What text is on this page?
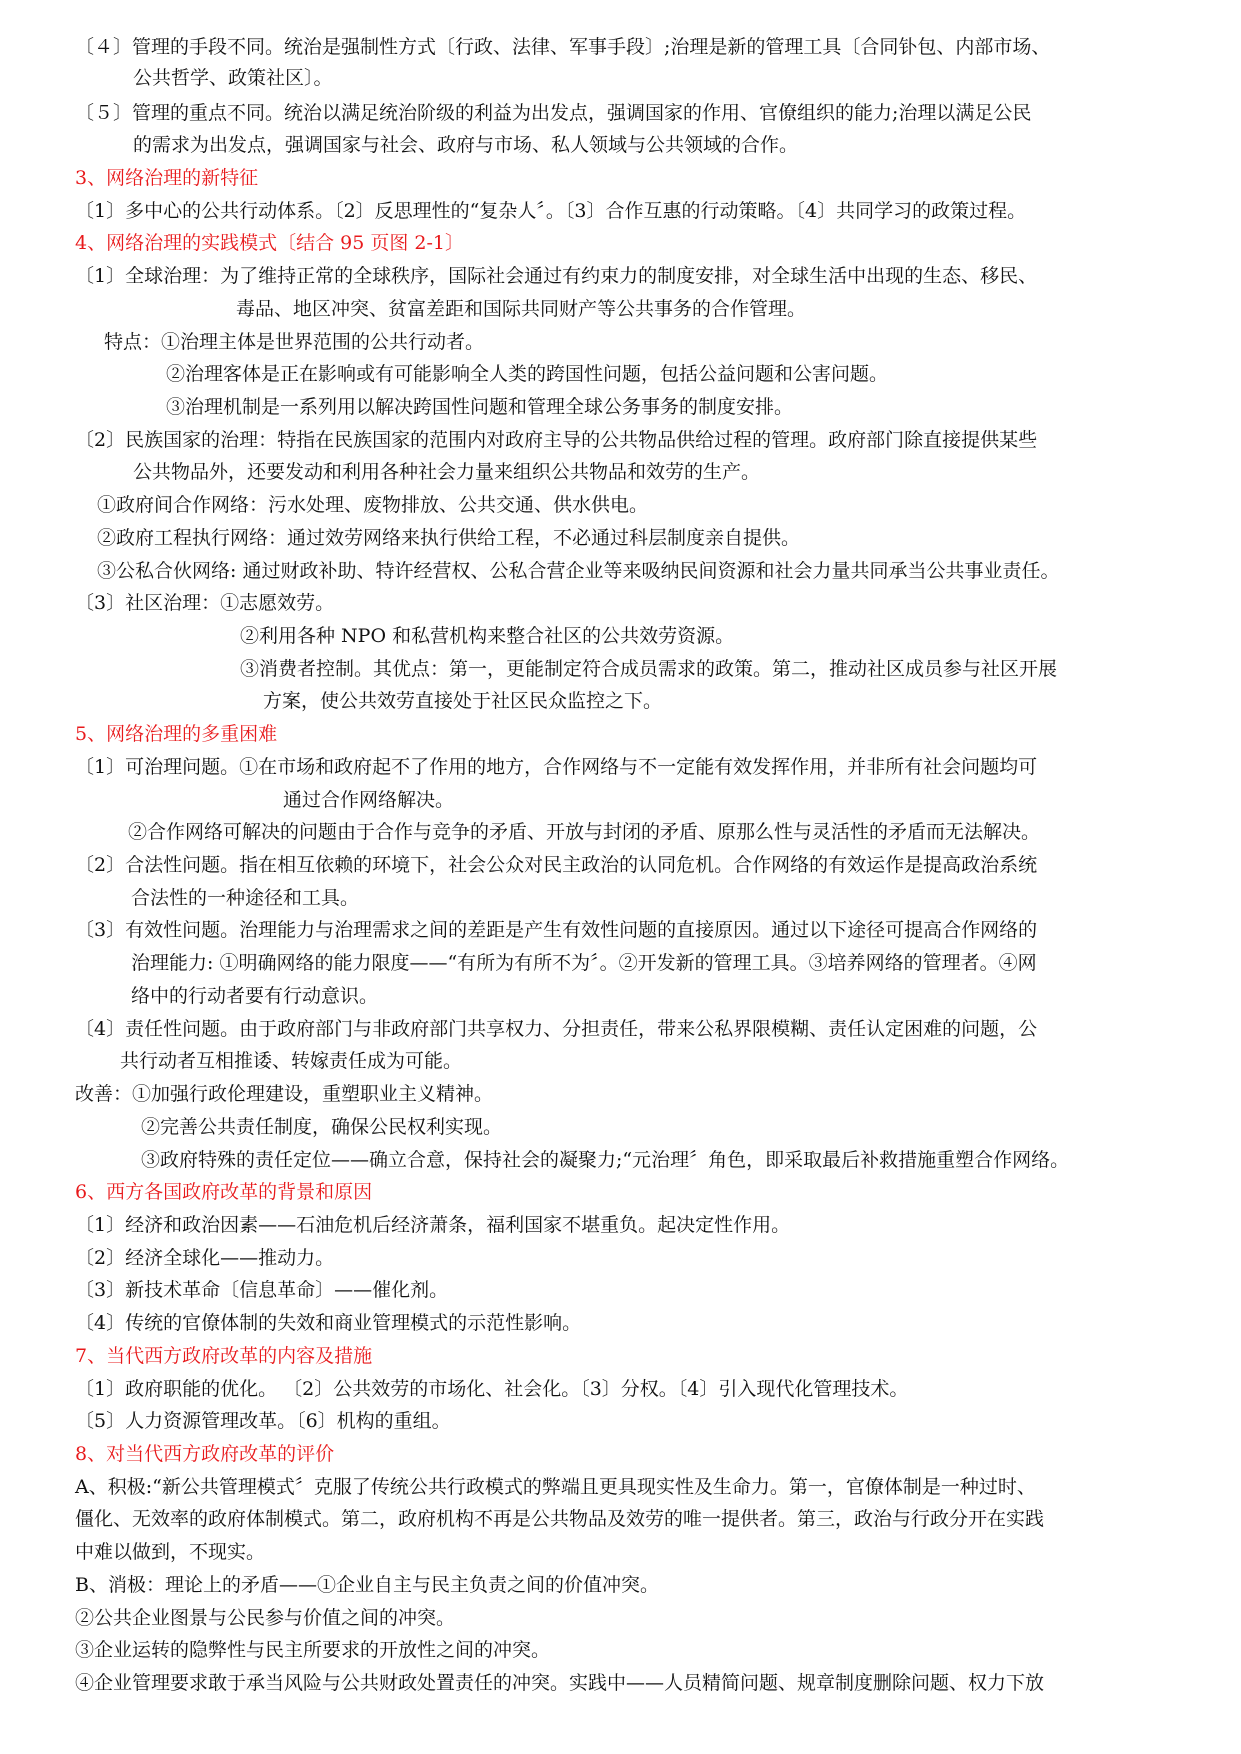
〔４〕管理的手段不同。统治是强制性方式〔行政、法律、军事手段〕;治理是新的管理工具〔合同钋包、内部市场、
公共哲学、政策社区〕。
〔５〕管理的重点不同。统治以满足统治阶级的利益为出发点，强调国家的作用、官僚组织的能力;治理以满足公民
的需求为出发点，强调国家与社会、政府与市场、私人领域与公共领域的合作。
3、网络治理的新特征
〔1〕多中心的公共行动体系。〔2〕反思理性的“复杂人〞。〔3〕合作互惠的行动策略。〔4〕共同学习的政策过程。
4、网络治理的实践模式〔结合 95 页图 2-1〕
〔1〕全球治理：为了维持正常的全球秩序，国际社会通过有约束力的制度安排，对全球生活中出现的生态、移民、
毒品、地区冲突、贫富差距和国际共同财产等公共事务的合作管理。
特点：①治理主体是世界范围的公共行动者。
②治理客体是正在影响或有可能影响全人类的跨国性问题，包括公益问题和公害问题。
③治理机制是一系列用以解决跨国性问题和管理全球公务事务的制度安排。
〔2〕民族国家的治理：特指在民族国家的范围内对政府主导的公共物品供给过程的管理。政府部门除直接提供某些
公共物品外，还要发动和利用各种社会力量来组织公共物品和效劳的生产。
①政府间合作网络：污水处理、废物排放、公共交通、供水供电。
②政府工程执行网络：通过效劳网络来执行供给工程，不必通过科层制度亲自提供。
③公私合伙网络: 通过财政补助、特许经营权、公私合营企业等来吸纳民间资源和社会力量共同承当公共事业责任。
〔3〕社区治理：①志愿效劳。
②利用各种 NPO 和私营机构来整合社区的公共效劳资源。
③消费者控制。其优点：第一，更能制定符合成员需求的政策。第二，推动社区成员参与社区开展
方案，使公共效劳直接处于社区民众监控之下。
5、网络治理的多重困难
〔1〕可治理问题。①在市场和政府起不了作用的地方，合作网络与不一定能有效发挥作用，并非所有社会问题均可
通过合作网络解决。
②合作网络可解决的问题由于合作与竞争的矛盾、开放与封闭的矛盾、原那么性与灵活性的矛盾而无法解决。
〔2〕合法性问题。指在相互依赖的环境下，社会公众对民主政治的认同危机。合作网络的有效运作是提高政治系统
合法性的一种途径和工具。
〔3〕有效性问题。治理能力与治理需求之间的差距是产生有效性问题的直接原因。通过以下途径可提高合作网络的
治理能力: ①明确网络的能力限度——“有所为有所不为〞。②开发新的管理工具。③培养网络的管理者。④网
络中的行动者要有行动意识。
〔4〕责任性问题。由于政府部门与非政府部门共享权力、分担责任，带来公私界限模糊、责任认定困难的问题，公
共行动者互相推诿、转嫁责任成为可能。
改善：①加强行政伦理建设，重塑职业主义精神。
②完善公共责任制度，确保公民权利实现。
③政府特殊的责任定位——确立合意，保持社会的凝聚力;“元治理〞角色，即采取最后补救措施重塑合作网络。
6、西方各国政府改革的背景和原因
〔1〕经济和政治因素——石油危机后经济萧条，福利国家不堪重负。起决定性作用。
〔2〕经济全球化——推动力。
〔3〕新技术革命〔信息革命〕——催化剂。
〔4〕传统的官僚体制的失效和商业管理模式的示范性影响。
7、当代西方政府改革的内容及措施
〔1〕政府职能的优化。 〔2〕公共效劳的市场化、社会化。〔3〕分权。〔4〕引入现代化管理技术。
〔5〕人力资源管理改革。〔6〕机构的重组。
8、对当代西方政府改革的评价
A、积极:“新公共管理模式〞克服了传统公共行政模式的弊端且更具现实性及生命力。第一，官僚体制是一种过时、
僵化、无效率的政府体制模式。第二，政府机构不再是公共物品及效劳的唯一提供者。第三，政治与行政分开在实践
中难以做到，不现实。
B、消极：理论上的矛盾——①企业自主与民主负责之间的价值冲突。
②公共企业图景与公民参与价值之间的冲突。
③企业运转的隐弊性与民主所要求的开放性之间的冲突。
④企业管理要求敢于承当风险与公共财政处置责任的冲突。实践中——人员精简问题、规章制度删除问题、权力下放
